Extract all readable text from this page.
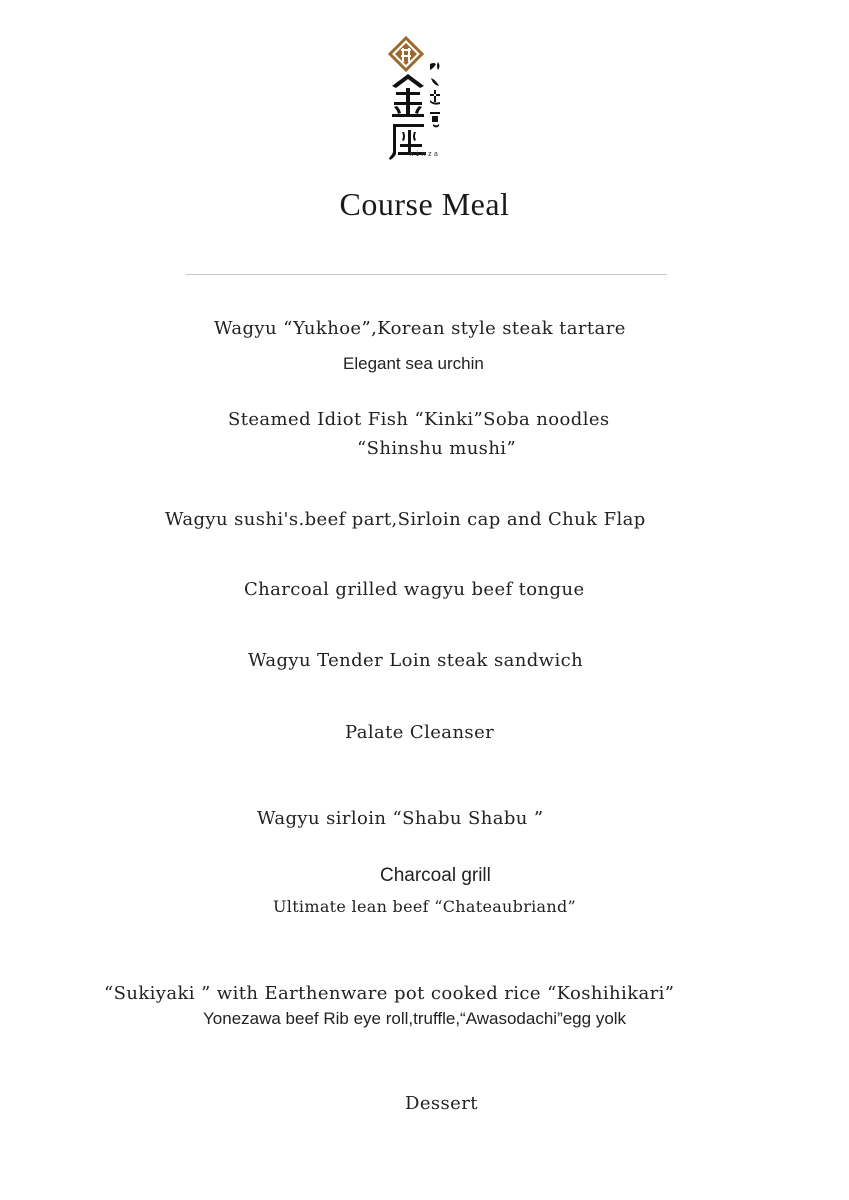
kinza
Course Meal
Wagyu “Yukhoe”,Korean style steak tartare
Elegant sea urchin
Steamed Idiot Fish “Kinki”Soba noodles
“Shinshu mushi”
Wagyu sushi's.beef part,Sirloin cap and Chuk Flap
Charcoal grilled wagyu beef tongue
Wagyu Tender Loin steak sandwich
Palate Cleanser
Wagyu sirloin “Shabu Shabu ”
Charcoal grill
Ultimate lean beef “Chateaubriand”
“Sukiyaki ” with Earthenware pot cooked rice “Koshihikari”
Yonezawa beef Rib eye roll,truffle,“Awasodachi”egg yolk
Dessert
